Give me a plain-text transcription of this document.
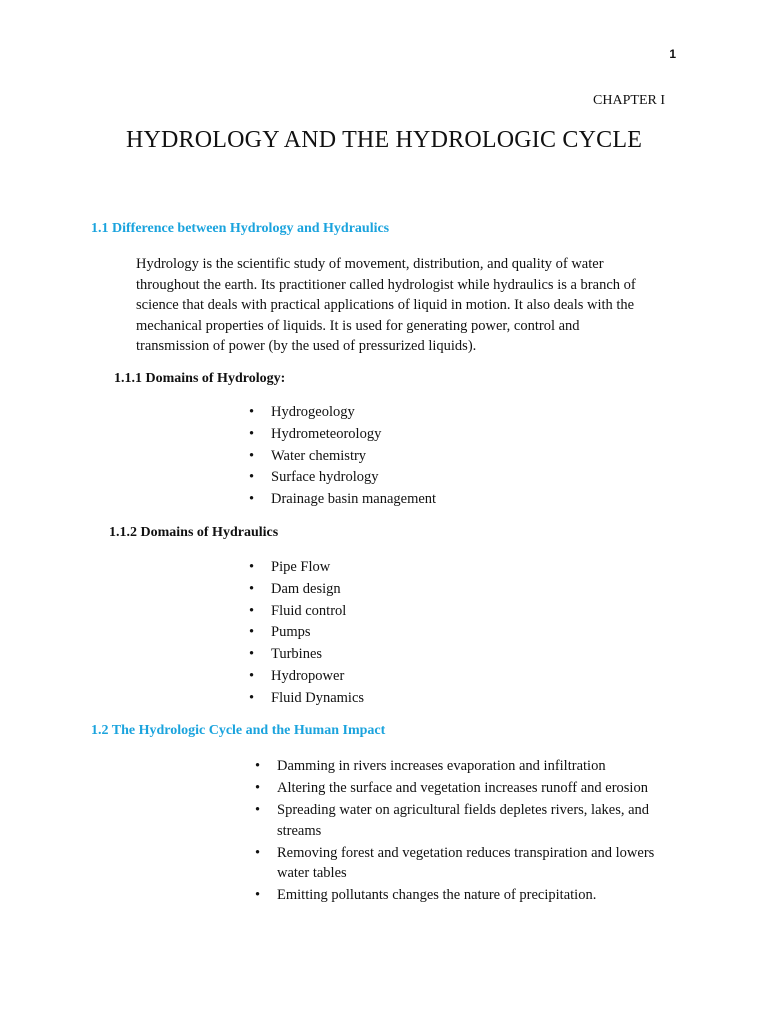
1
CHAPTER I
HYDROLOGY AND THE HYDROLOGIC CYCLE
1.1 Difference between Hydrology and Hydraulics

Hydrology is the scientific study of movement, distribution, and quality of water throughout the earth. Its practitioner called hydrologist while hydraulics is a branch of science that deals with practical applications of liquid in motion. It also deals with the mechanical properties of liquids. It is used for generating power, control and transmission of power (by the used of pressurized liquids).

1.1.1 Domains of Hydrology:
• Hydrogeology
• Hydrometeorology
• Water chemistry
• Surface hydrology
• Drainage basin management
1.1.2 Domains of Hydraulics
• Pipe Flow
• Dam design
• Fluid control
• Pumps
• Turbines
• Hydropower
• Fluid Dynamics
1.2 The Hydrologic Cycle and the Human Impact
• Damming in rivers increases evaporation and infiltration
• Altering the surface and vegetation increases runoff and erosion
• Spreading water on agricultural fields depletes rivers, lakes, and streams
• Removing forest and vegetation reduces transpiration and lowers water tables
• Emitting pollutants changes the nature of precipitation.
